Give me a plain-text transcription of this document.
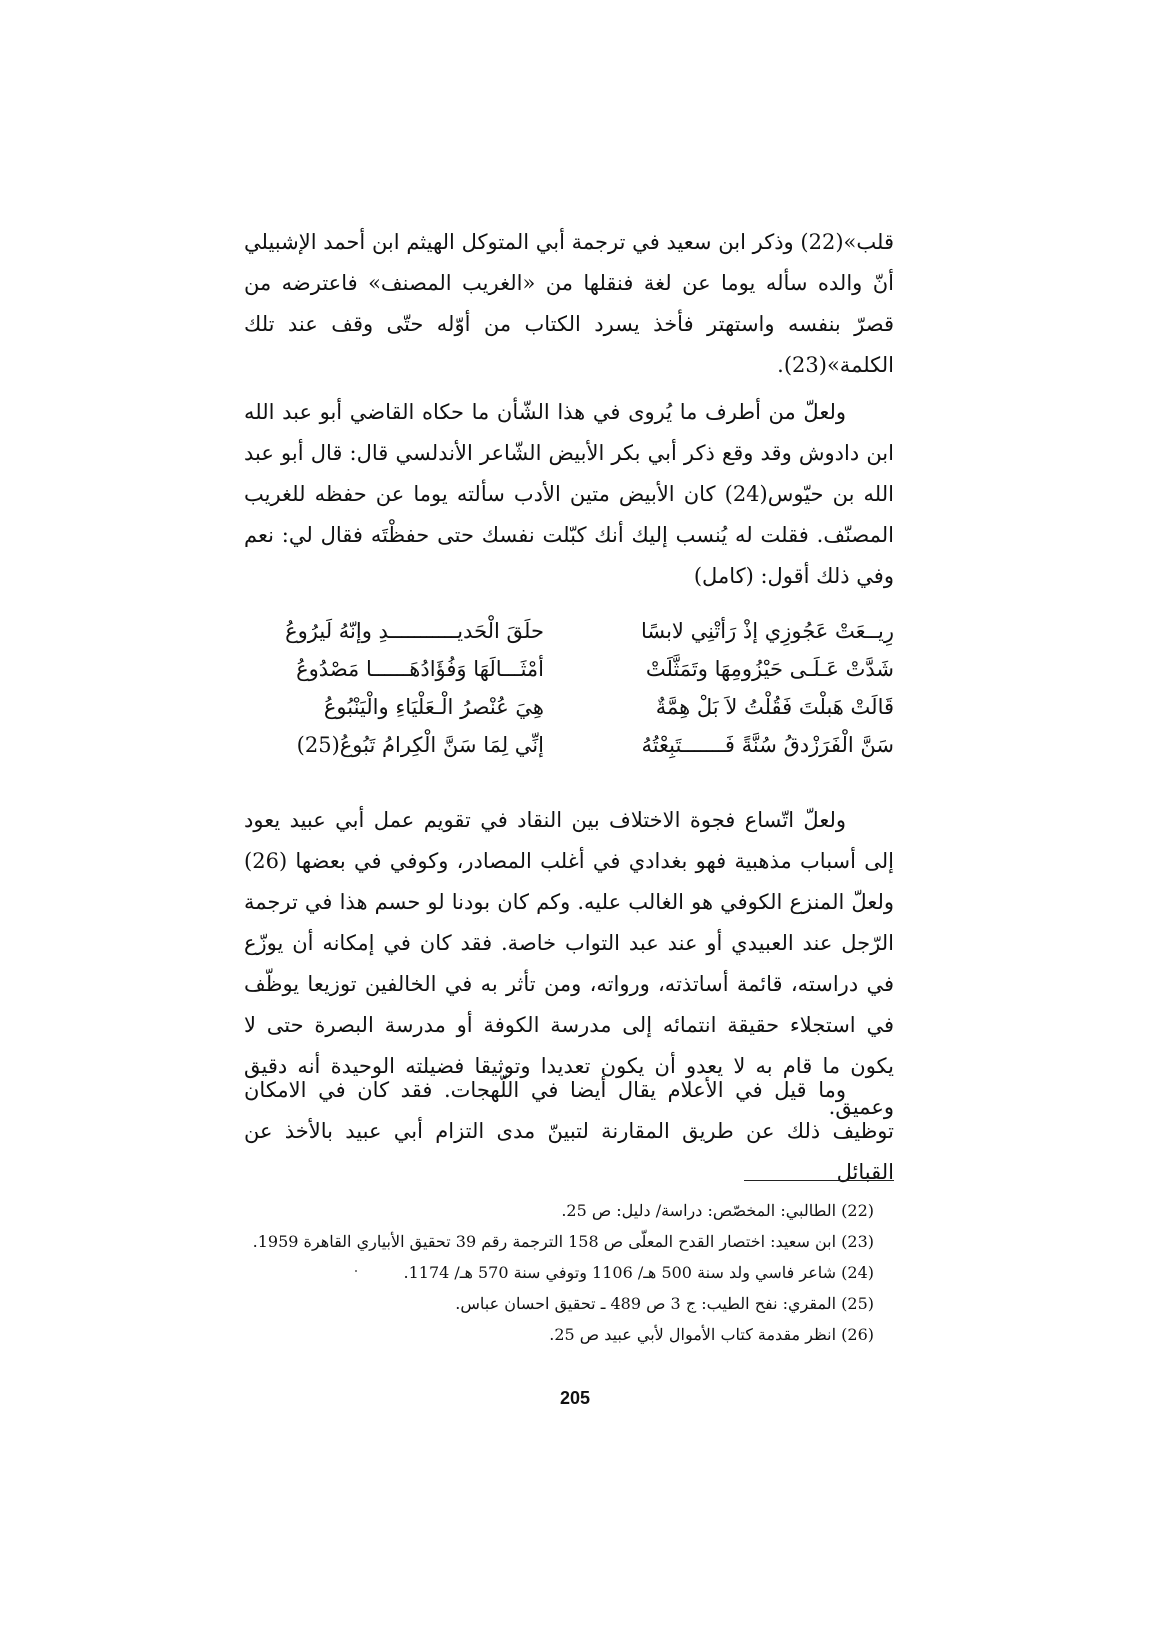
قلب»(22) وذكر ابن سعيد في ترجمة أبي المتوكل الهيثم ابن أحمد الإشبيلي أنّ والده سأله يوما عن لغة فنقلها من «الغريب المصنف» فاعترضه من قصرّ بنفسه واستهتر فأخذ يسرد الكتاب من أوّله حتّى وقف عند تلك الكلمة»(23).

ولعلّ من أطرف ما يُروى في هذا الشّأن ما حكاه القاضي أبو عبد الله ابن دادوش وقد وقع ذكر أبي بكر الأبيض الشّاعر الأندلسي قال: قال أبو عبد الله بن حيّوس(24) كان الأبيض متين الأدب سألته يوما عن حفظه للغريب المصنّف. فقلت له يُنسب إليك أنك كبّلت نفسك حتى حفظْتَه فقال لي: نعم وفي ذلك أقول: (كامل)

رِيــعَتْ عَجُوزِي إذْ رَأتْنِي لابسًا
حلَقَ الْحَديـــــــــــدِ وإنّهُ لَيرُوعُ
شَدَّتْ عَـلَـى حَيْزُومِهَا وتَمَثَّلَتْ
أمْثَـــالَهَا وَفُؤَادُهَــــــا مَصْدُوعُ
قَالَتْ هَبلْتَ فَقُلْتُ لاَ بَلْ هِمَّةٌ
هِيَ عُنْصرُ الْـعَلْيَاءِ والْيَنْبُوعُ
سَنَّ الْفَرَزْدقُ سُنَّةً فَـــــــتَبِعْتُهُ
إنِّي لِمَا سَنَّ الْكِرامُ تَبُوعُ(25)

ولعلّ اتّساع فجوة الاختلاف بين النقاد في تقويم عمل أبي عبيد يعود إلى أسباب مذهبية فهو بغدادي في أغلب المصادر، وكوفي في بعضها (26) ولعلّ المنزع الكوفي هو الغالب عليه. وكم كان بودنا لو حسم هذا في ترجمة الرّجل عند العبيدي أو عند عبد التواب خاصة. فقد كان في إمكانه أن يوزّع في دراسته، قائمة أساتذته، ورواته، ومن تأثر به في الخالفين توزيعا يوظّف في استجلاء حقيقة انتمائه إلى مدرسة الكوفة أو مدرسة البصرة حتى لا يكون ما قام به لا يعدو أن يكون تعديدا وتوثيقا فضيلته الوحيدة أنه دقيق وعميق.

وما قيل في الأعلام يقال أيضا في اللّهجات. فقد كان في الامكان توظيف ذلك عن طريق المقارنة لتبينّ مدى التزام أبي عبيد بالأخذ عن القبائل

(22) الطالبي: المخصّص: دراسة/ دليل: ص 25.

(23) ابن سعيد: اختصار القدح المعلّى ص 158 الترجمة رقم 39 تحقيق الأبياري القاهرة 1959.

(24) شاعر فاسي ولد سنة 500 هـ/ 1106 وتوفي سنة 570 هـ/ 1174.

(25) المقري: نفح الطيب: ج 3 ص 489 ـ تحقيق احسان عباس.

(26) انظر مقدمة كتاب الأموال لأبي عبيد ص 25.

205
